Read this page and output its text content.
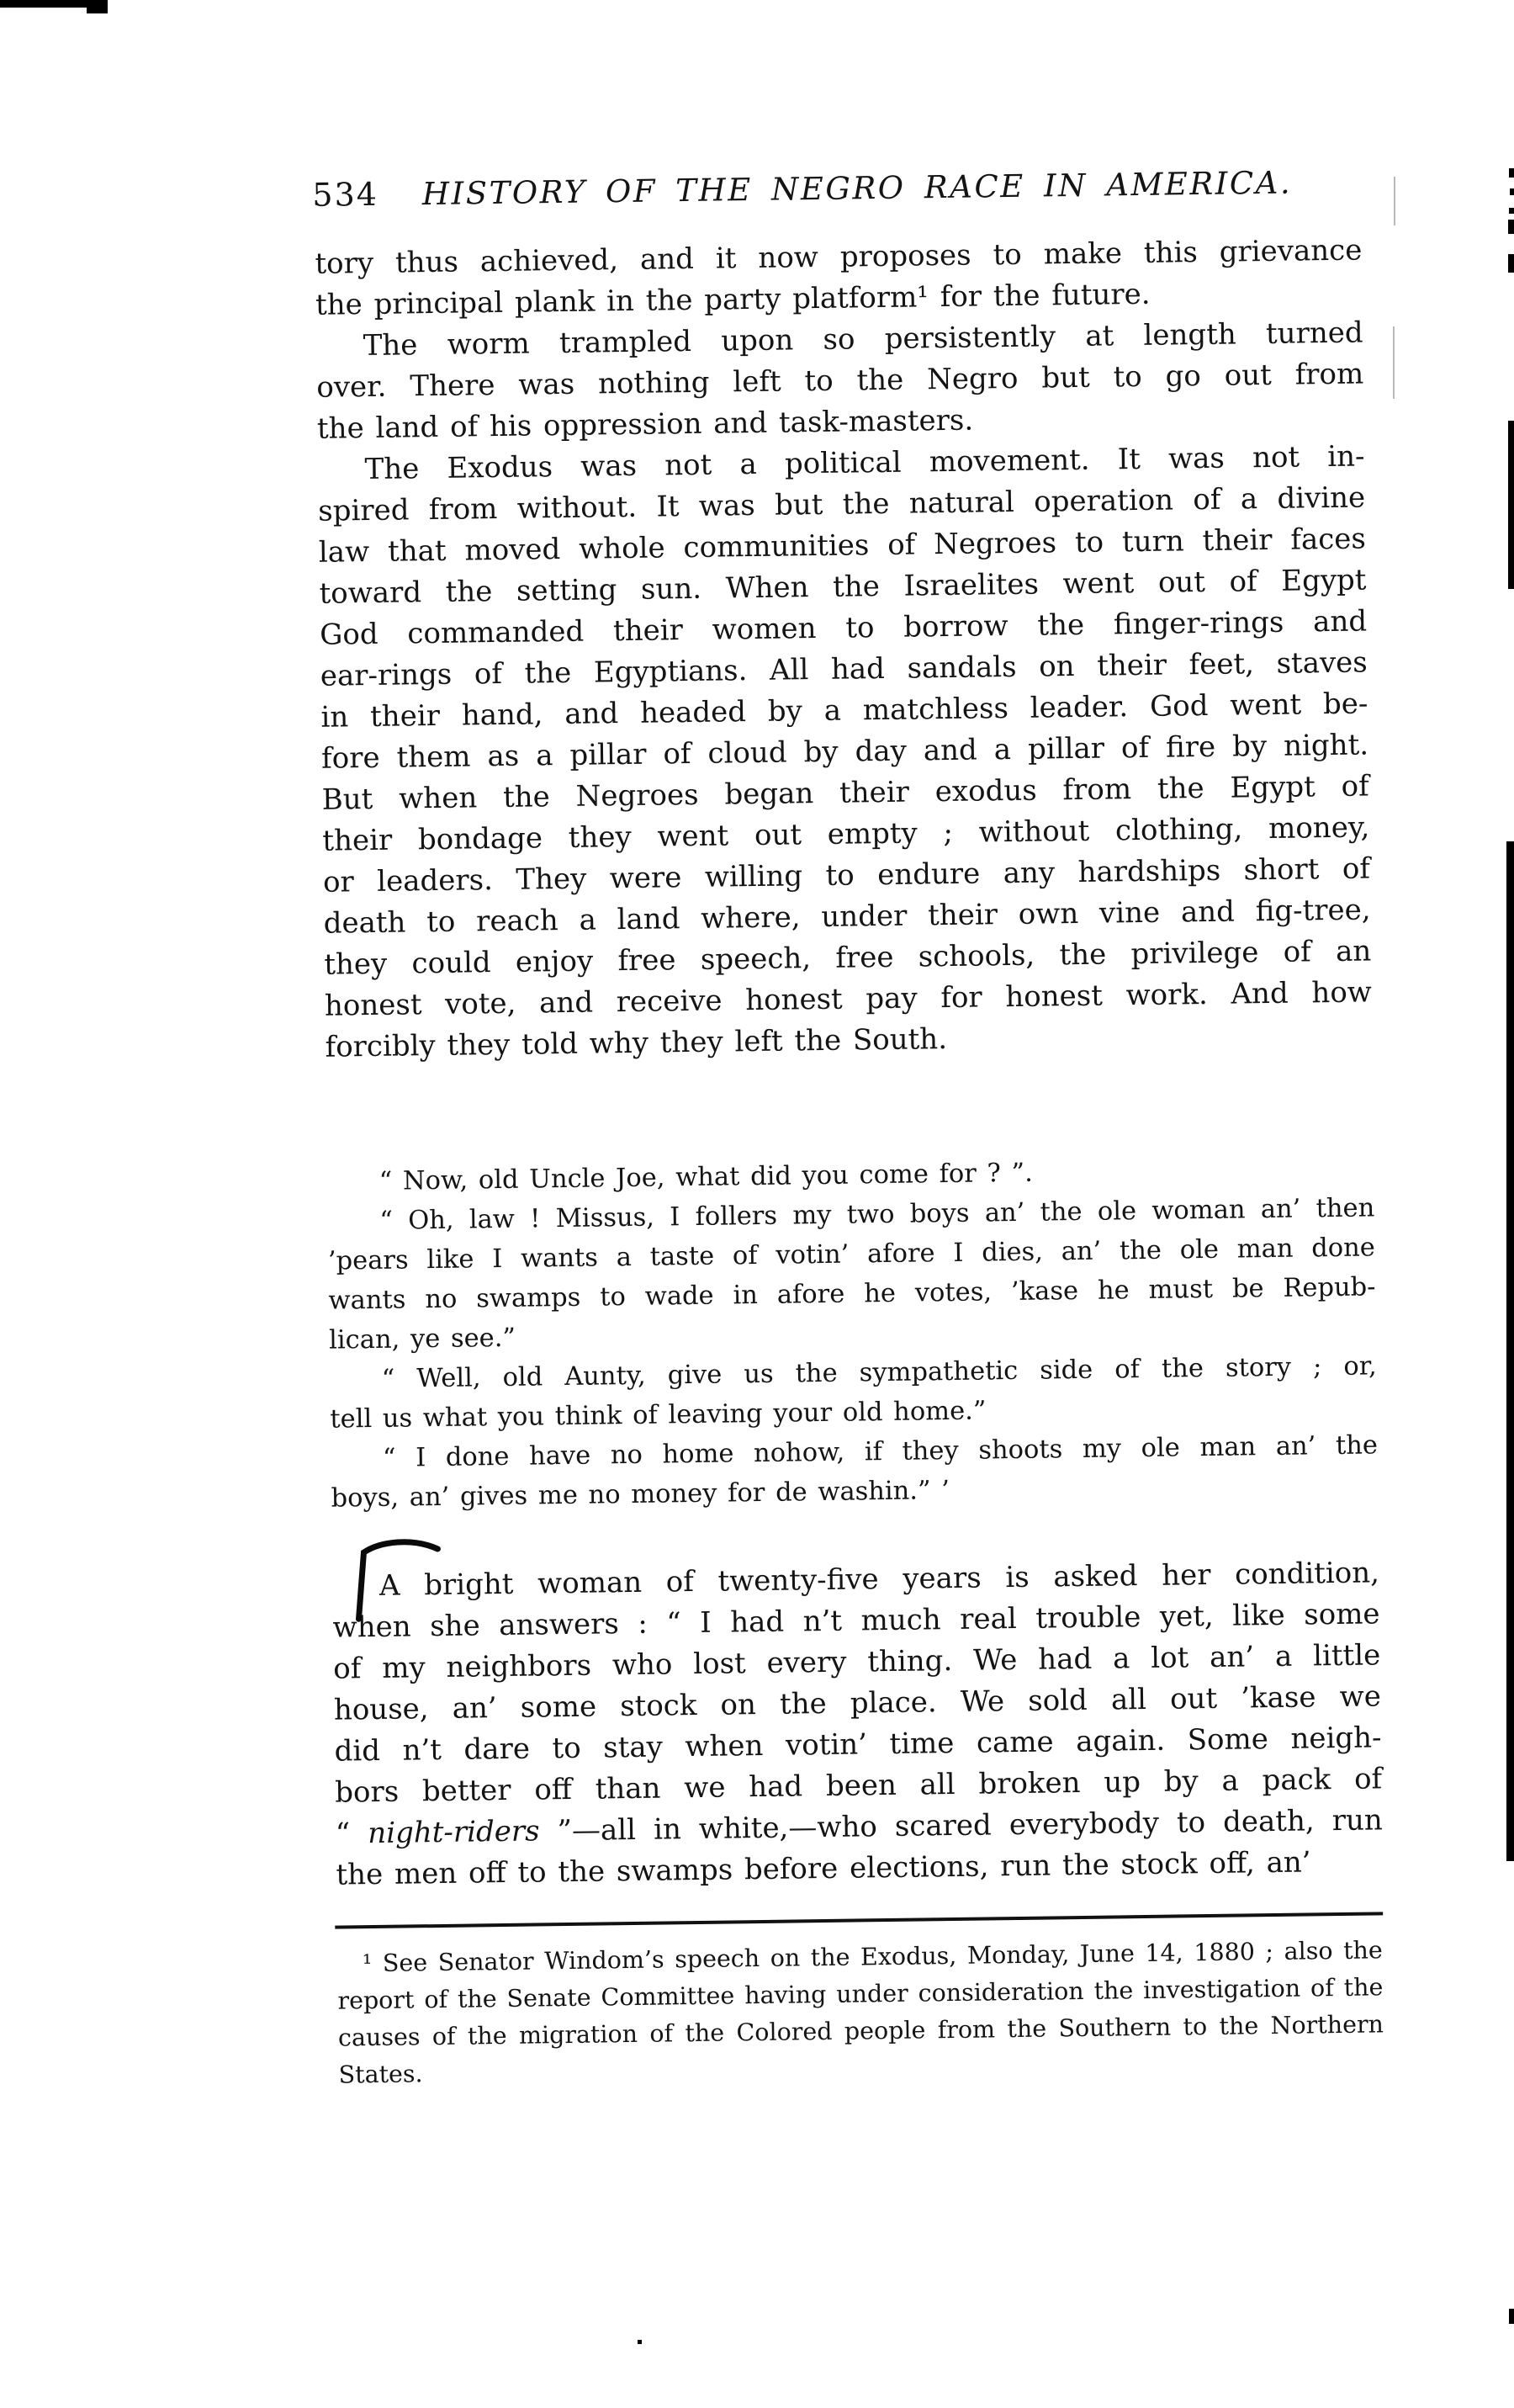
534 HISTORY OF THE NEGRO RACE IN AMERICA.
tory thus achieved, and it now proposes to make this grievance
the principal plank in the party platform¹ for the future.
The worm trampled upon so persistently at length turned
over. There was nothing left to the Negro but to go out from
the land of his oppression and task-masters.
The Exodus was not a political movement. It was not in-
spired from without. It was but the natural operation of a divine
law that moved whole communities of Negroes to turn their faces
toward the setting sun. When the Israelites went out of Egypt
God commanded their women to borrow the finger-rings and
ear-rings of the Egyptians. All had sandals on their feet, staves
in their hand, and headed by a matchless leader. God went be-
fore them as a pillar of cloud by day and a pillar of fire by night.
But when the Negroes began their exodus from the Egypt of
their bondage they went out empty ; without clothing, money,
or leaders. They were willing to endure any hardships short of
death to reach a land where, under their own vine and fig-tree,
they could enjoy free speech, free schools, the privilege of an
honest vote, and receive honest pay for honest work. And how
forcibly they told why they left the South.
“ Now, old Uncle Joe, what did you come for ? ”.
“ Oh, law ! Missus, I follers my two boys an’ the ole woman an’ then
’pears like I wants a taste of votin’ afore I dies, an’ the ole man done
wants no swamps to wade in afore he votes, ’kase he must be Repub-
lican, ye see.”
“ Well, old Aunty, give us the sympathetic side of the story ; or,
tell us what you think of leaving your old home.”
“ I done have no home nohow, if they shoots my ole man an’ the
boys, an’ gives me no money for de washin.” ’
A bright woman of twenty-five years is asked her condition,
when she answers : “ I had n’t much real trouble yet, like some
of my neighbors who lost every thing. We had a lot an’ a little
house, an’ some stock on the place. We sold all out ’kase we
did n’t dare to stay when votin’ time came again. Some neigh-
bors better off than we had been all broken up by a pack of
“ night-riders ”—all in white,—who scared everybody to death, run
the men off to the swamps before elections, run the stock off, an’
¹ See Senator Windom’s speech on the Exodus, Monday, June 14, 1880 ; also the
report of the Senate Committee having under consideration the investigation of the
causes of the migration of the Colored people from the Southern to the Northern States.
